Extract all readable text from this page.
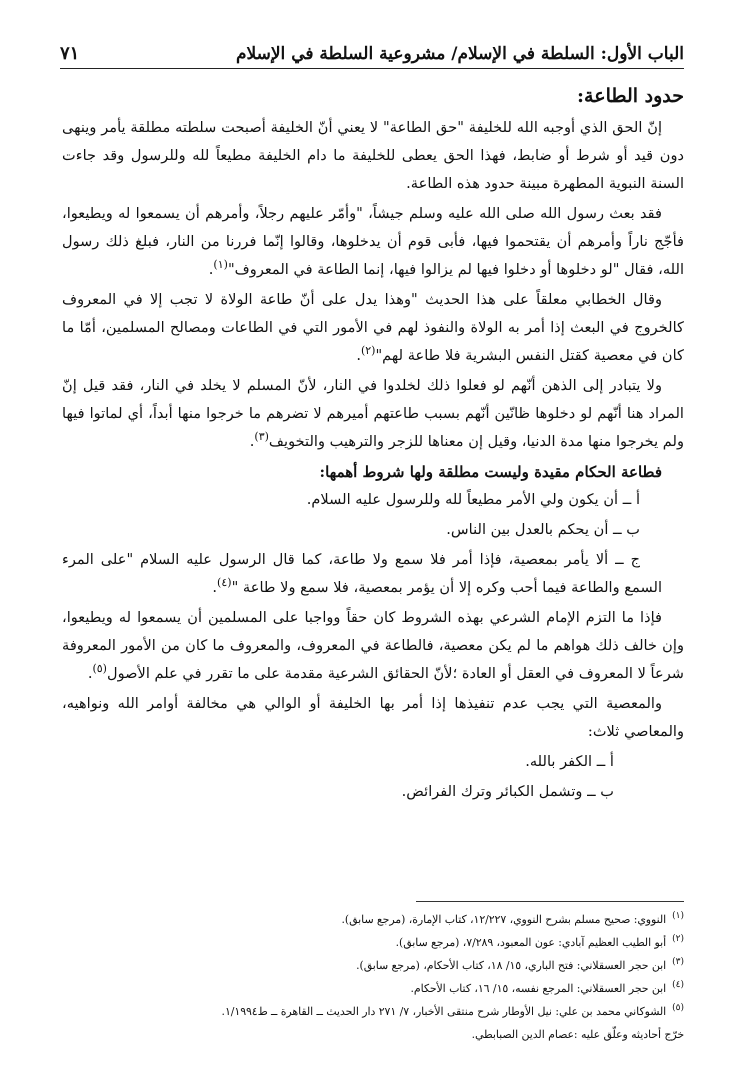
الباب الأول: السلطة في الإسلام/ مشروعية السلطة في الإسلام
٧١
حدود الطاعة:

إنّ الحق الذي أوجبه الله للخليفة "حق الطاعة" لا يعني أنّ الخليفة أصبحت سلطته مطلقة يأمر وينهى دون قيد أو شرط أو ضابط، فهذا الحق يعطى للخليفة ما دام الخليفة مطيعاً لله وللرسول وقد جاءت السنة النبوية المطهرة مبينة حدود هذه الطاعة.

فقد بعث رسول الله صلى الله عليه وسلم جيشاً، "وأمّر عليهم رجلاً، وأمرهم أن يسمعوا له ويطيعوا، فأجّج ناراً وأمرهم أن يقتحموا فيها، فأبى قوم أن يدخلوها، وقالوا إنّما فررنا من النار، فبلغ ذلك رسول الله، فقال "لو دخلوها أو دخلوا فيها لم يزالوا فيها، إنما الطاعة في المعروف"$^{(١)}$.

وقال الخطابي معلقاً على هذا الحديث "وهذا يدل على أنّ طاعة الولاة لا تجب إلا في المعروف كالخروج في البعث إذا أمر به الولاة والنفوذ لهم في الأمور التي في الطاعات ومصالح المسلمين، أمّا ما كان في معصية كقتل النفس البشرية فلا طاعة لهم"$^{(٢)}$.

ولا يتبادر إلى الذهن أنّهم لو فعلوا ذلك لخلدوا في النار، لأنّ المسلم لا يخلد في النار، فقد قيل إنّ المراد هنا أنّهم لو دخلوها ظانّين أنّهم بسبب طاعتهم أميرهم لا تضرهم ما خرجوا منها أبداً، أي لماتوا فيها ولم يخرجوا منها مدة الدنيا، وقيل إن معناها للزجر والترهيب والتخويف$^{(٣)}$.

فطاعة الحكام مقيدة وليست مطلقة ولها شروط أهمها:

أ ــ أن يكون ولي الأمر مطيعاً لله وللرسول عليه السلام.

ب ــ أن يحكم بالعدل بين الناس.

ج ــ ألا يأمر بمعصية، فإذا أمر فلا سمع ولا طاعة، كما قال الرسول عليه السلام "على المرء السمع والطاعة فيما أحب وكره إلا أن يؤمر بمعصية، فلا سمع ولا طاعة "$^{(٤)}$.

فإذا ما التزم الإمام الشرعي بهذه الشروط كان حقاً وواجبا على المسلمين أن يسمعوا له ويطيعوا، وإن خالف ذلك هواهم ما لم يكن معصية، فالطاعة في المعروف، والمعروف ما كان من الأمور المعروفة شرعاً لا المعروف في العقل أو العادة ؛لأنّ الحقائق الشرعية مقدمة على ما تقرر في علم الأصول$^{(٥)}$.

والمعصية التي يجب عدم تنفيذها إذا أمر بها الخليفة أو الوالي هي مخالفة أوامر الله ونواهيه، والمعاصي ثلاث:

أ ــ الكفر بالله.

ب ــ وتشمل الكبائر وترك الفرائض.

$^{(١)}$النووي: صحيح مسلم بشرح النووي، ١٢/٢٢٧، كتاب الإمارة، (مرجع سابق).

$^{(٢)}$أبو الطيب العظيم آبادي: عون المعبود، ٧/٢٨٩، (مرجع سابق).

$^{(٣)}$ابن حجر العسقلاني: فتح الباري، ١٥/ ١٨، كتاب الأحكام، (مرجع سابق).

$^{(٤)}$ابن حجر العسقلاني: المرجع نفسه، ١٥/ ١٦، كتاب الأحكام.

$^{(٥)}$الشوكاني محمد بن علي: نيل الأوطار شرح منتقى الأخبار، ٧/ ٢٧١ دار الحديث ــ القاهرة ــ ط١/١٩٩٤.

خرّج أحاديثه وعلّق عليه :عصام الدين الصبابطي.
